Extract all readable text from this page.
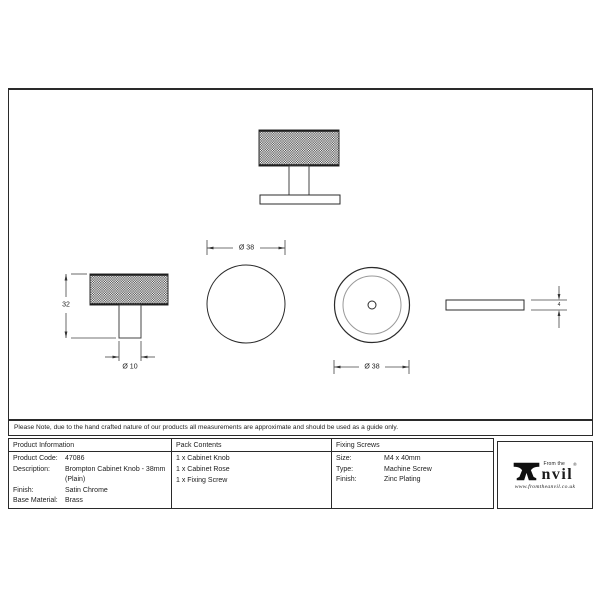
32
Ø 10
Ø 38
Ø 38
4
Please Note, due to the hand crafted nature of our products all measurements are approximate and should be used as a guide only.
Product Information	Pack Contents	Fixing Screws
Product Code:	47086
Description:	Brompton Cabinet Knob - 38mm
(Plain)
Finish:	Satin Chrome
Base Material:	Brass
1 x Cabinet Knob
1 x Cabinet Rose
1 x Fixing Screw
Size:	M4 x 40mm
Type:	Machine Screw
Finish:	Zinc Plating
From the
nvil
®
www.fromtheanvil.co.uk
